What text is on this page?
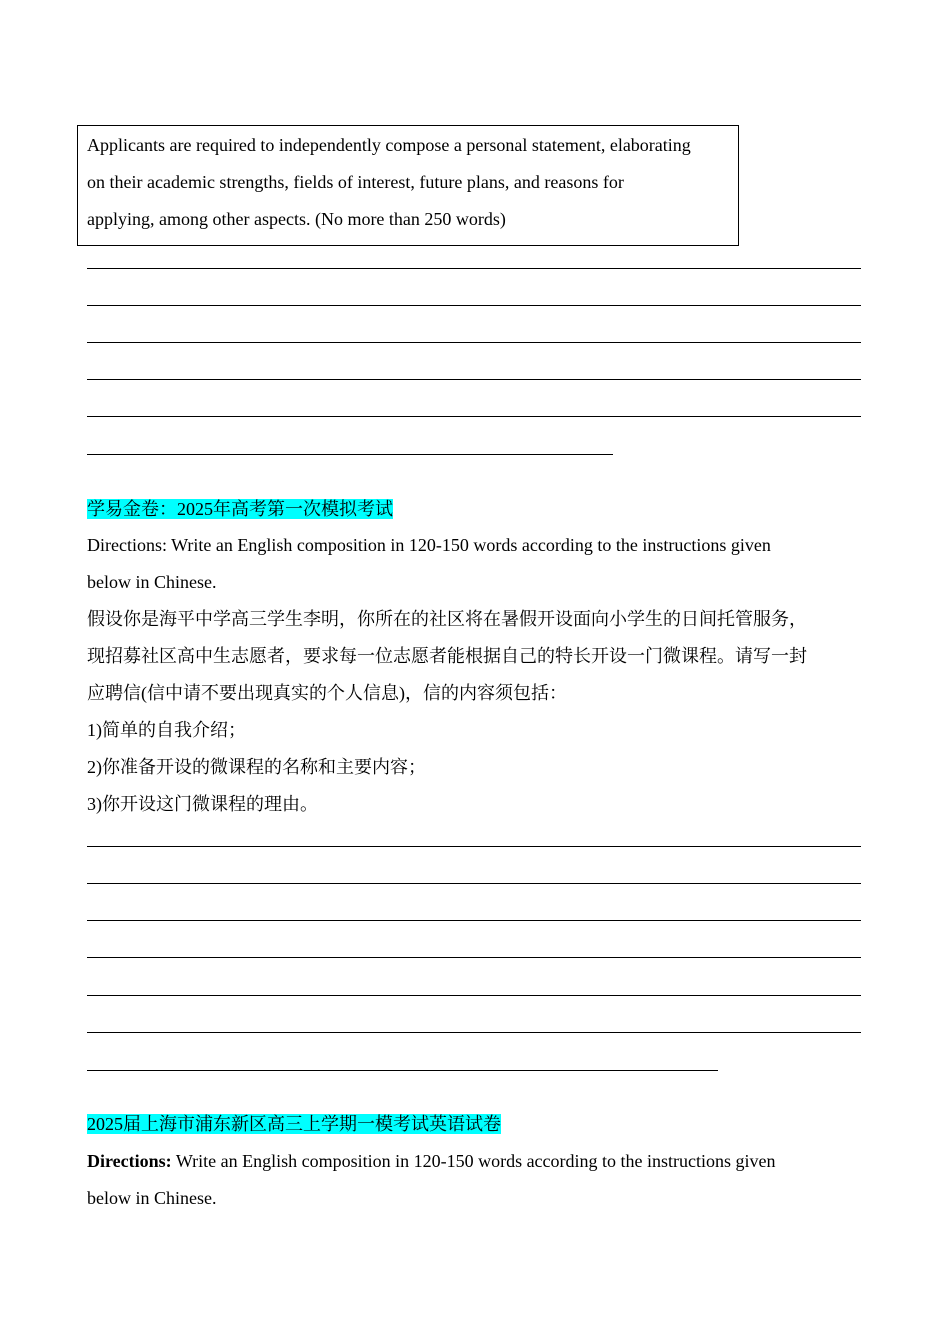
Applicants are required to independently compose a personal statement, elaborating
on their academic strengths, fields of interest, future plans, and reasons for
applying, among other aspects. (No more than 250 words)
学易金卷：2025年高考第一次模拟考试
Directions: Write an English composition in 120-150 words according to the instructions given
below in Chinese.
假设你是海平中学高三学生李明，你所在的社区将在暑假开设面向小学生的日间托管服务，
现招募社区高中生志愿者，要求每一位志愿者能根据自己的特长开设一门微课程。请写一封
应聘信(信中请不要出现真实的个人信息)，信的内容须包括：
1)简单的自我介绍；
2)你准备开设的微课程的名称和主要内容；
3)你开设这门微课程的理由。
2025届上海市浦东新区高三上学期一模考试英语试卷
Directions: Write an English composition in 120-150 words according to the instructions given
below in Chinese.
